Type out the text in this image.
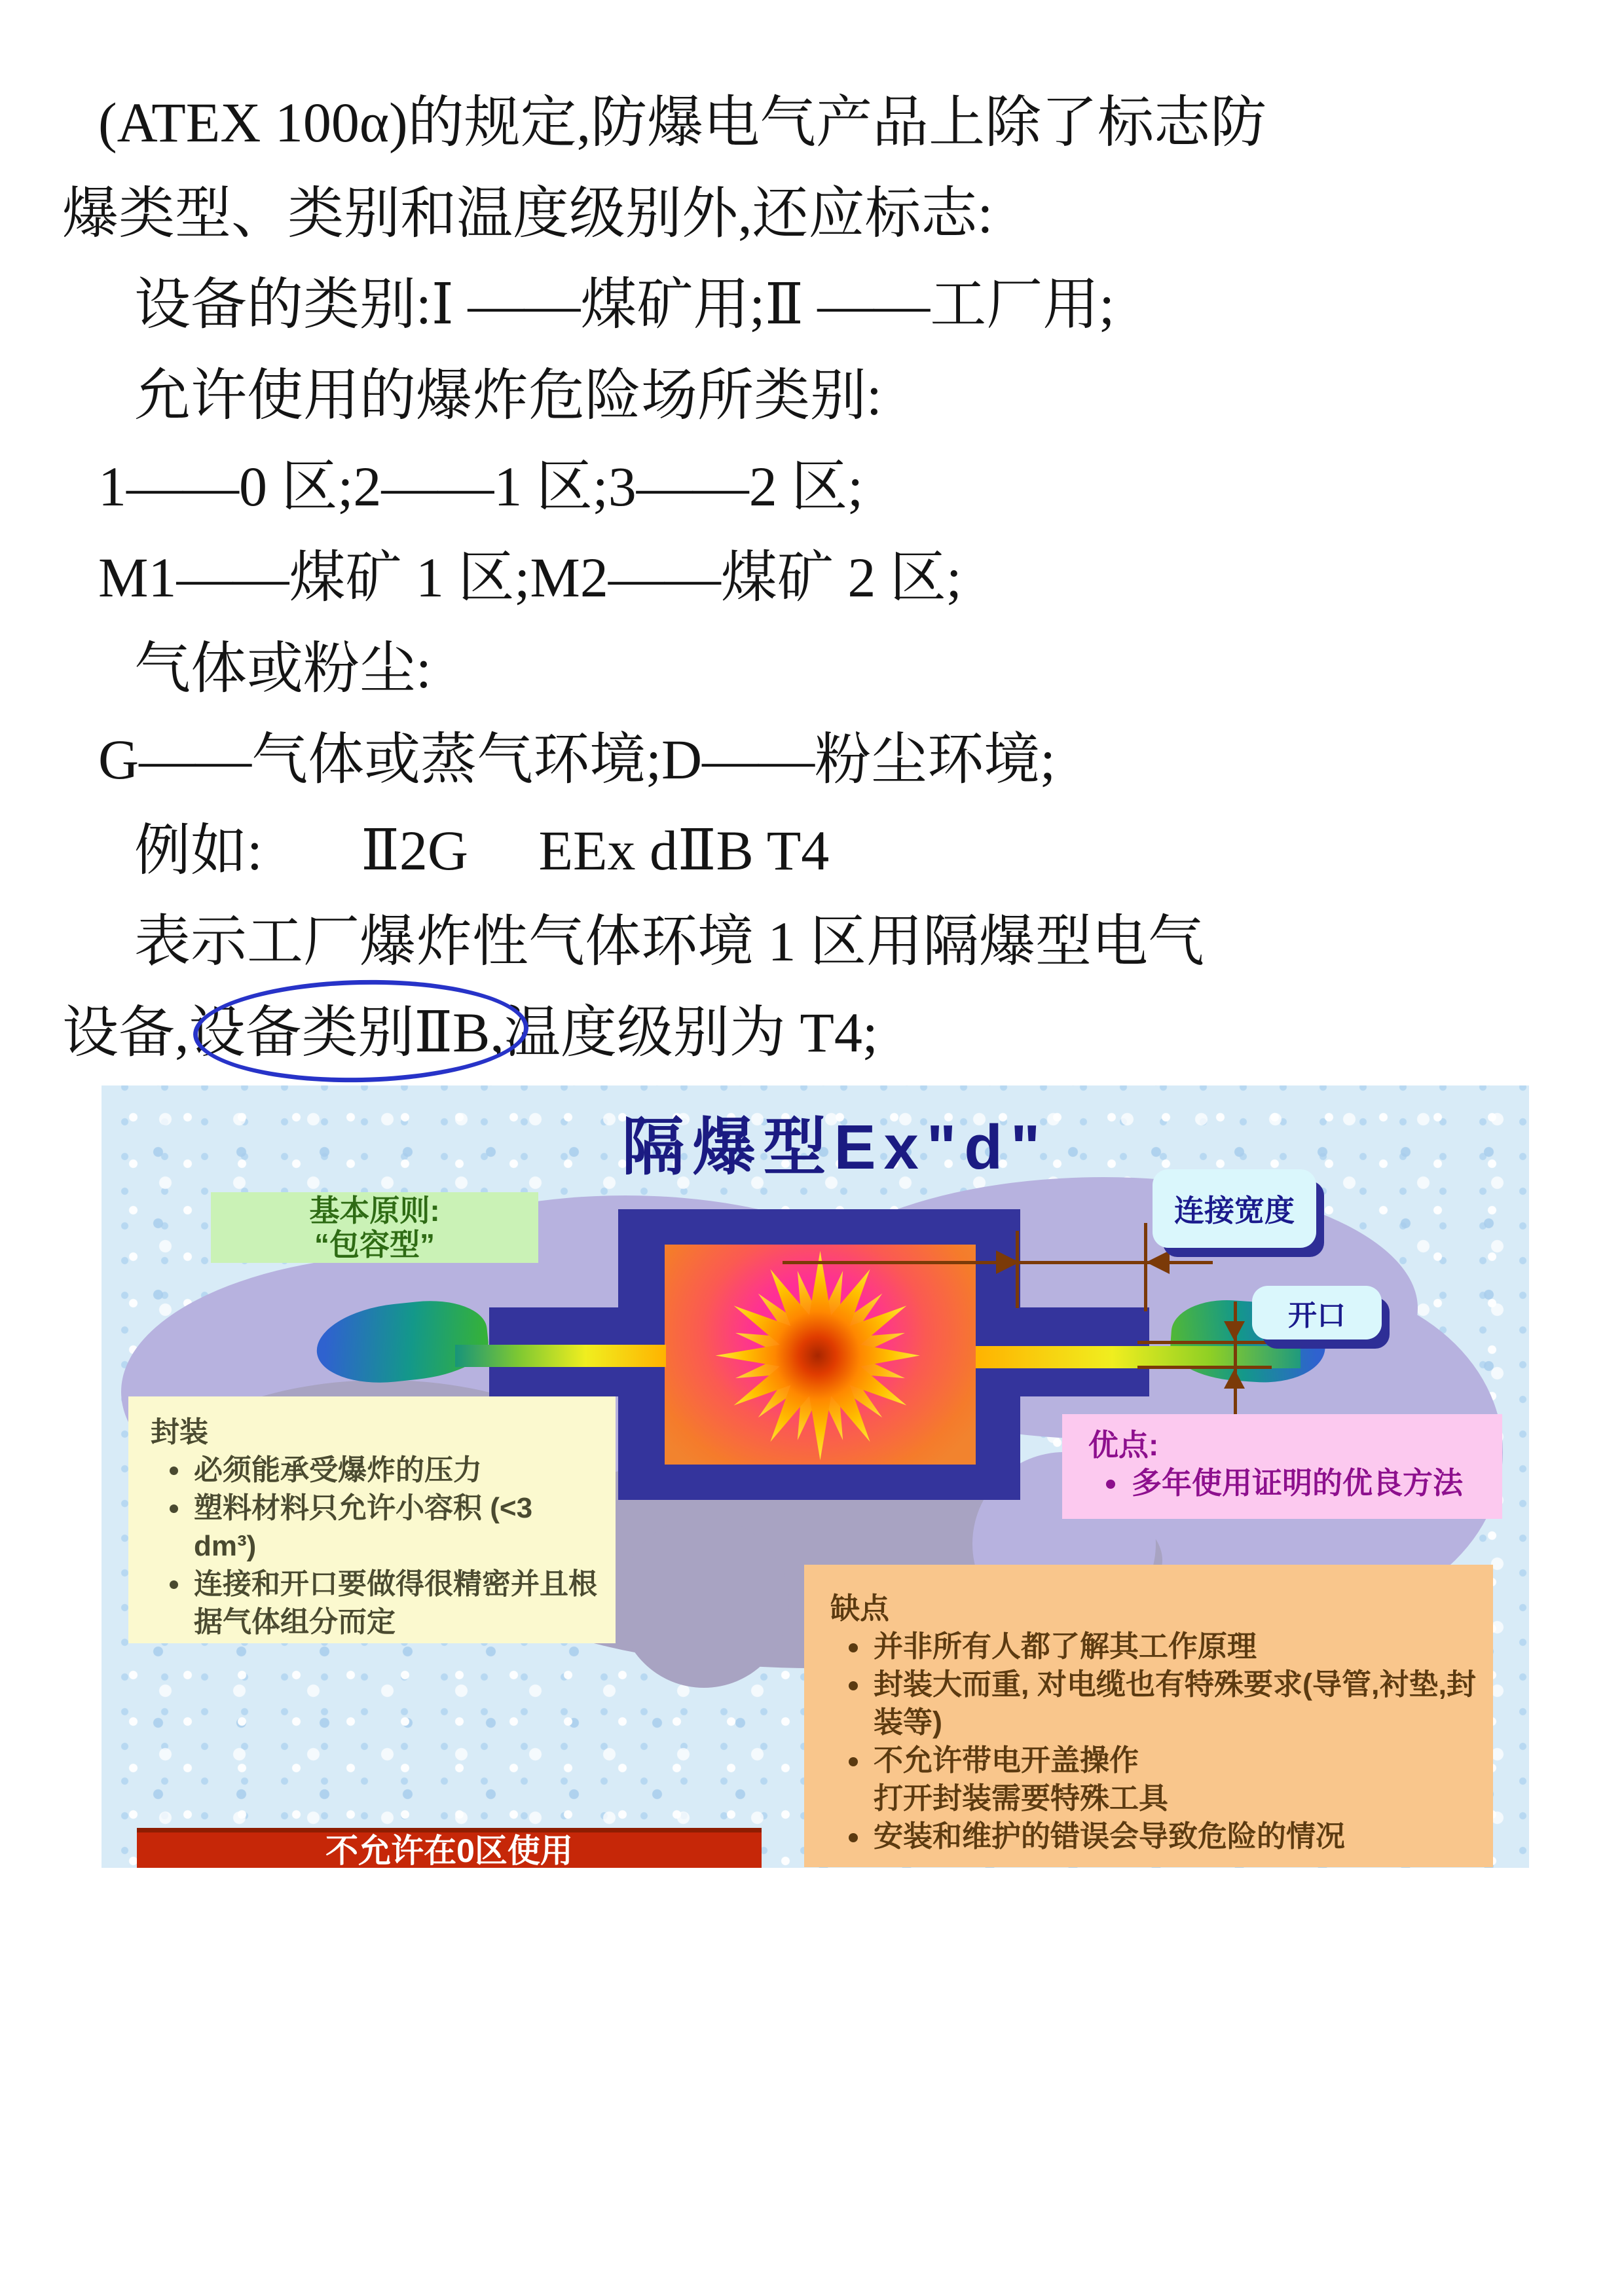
(ATEX 100α)的规定,防爆电气产品上除了标志防
爆类型、类别和温度级别外,还应标志:
设备的类别:Ⅰ ——煤矿用;Ⅱ ——工厂用;
允许使用的爆炸危险场所类别:
1——0 区;2——1 区;3——2 区;
M1——煤矿 1 区;M2——煤矿 2 区;
气体或粉尘:
G——气体或蒸气环境;D——粉尘环境;
例如:       Ⅱ2G     EEx dⅡB T4
表示工厂爆炸性气体环境 1 区用隔爆型电气
设备,设备类别ⅡB,温度级别为 T4;
隔爆型Ex"d"
连接宽度
开口
基本原则:
“包容型”
封装
• 必须能承受爆炸的压力
• 塑料材料只允许小容积 (<3 dm³)
• 连接和开口要做得很精密并且根据气体组分而定
优点:
• 多年使用证明的优良方法
缺点
• 并非所有人都了解其工作原理
• 封装大而重, 对电缆也有特殊要求(导管,衬垫,封装等)
• 不允许带电开盖操作
打开封装需要特殊工具
• 安装和维护的错误会导致危险的情况
不允许在0区使用
